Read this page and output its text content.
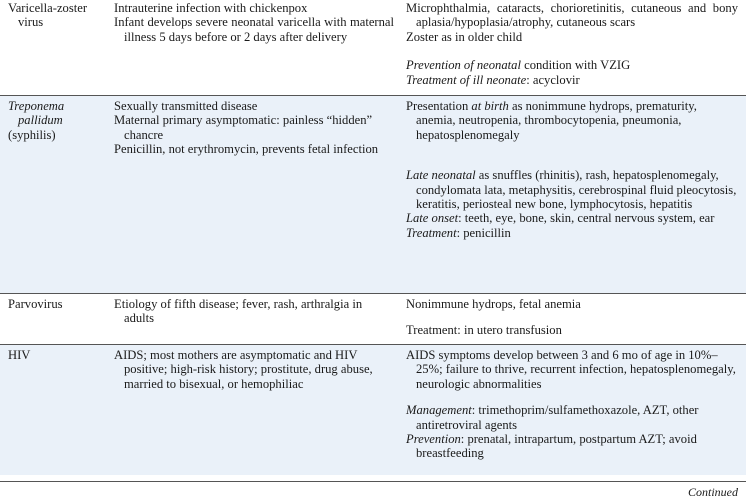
Varicella-zoster virus

Intrauterine infection with chickenpox

Infant develops severe neonatal varicella with maternal illness 5 days before or 2 days after delivery

Microphthalmia, cataracts, chorioretinitis, cutaneous and bony aplasia/hypoplasia/atrophy, cutaneous scars

Zoster as in older child

Prevention of neonatal condition with VZIG

Treatment of ill neonate: acyclovir

Treponema pallidum

(syphilis)

Sexually transmitted disease

Maternal primary asymptomatic: painless “hidden” chancre

Penicillin, not erythromycin, prevents fetal infection

Presentation at birth as nonimmune hydrops, prematurity, anemia, neutropenia, thrombocytopenia, pneumonia, hepatosplenomegaly

Late neonatal as snuffles (rhinitis), rash, hepatosplenomegaly, condylomata lata, metaphysitis, cerebrospinal fluid pleocytosis, keratitis, periosteal new bone, lymphocytosis, hepatitis

Late onset: teeth, eye, bone, skin, central nervous system, ear

Treatment: penicillin

Parvovirus	Etiology of fifth disease; fever, rash, arthralgia in adults

Nonimmune hydrops, fetal anemia

Treatment: in utero transfusion

HIV	AIDS; most mothers are asymptomatic and HIV positive; high-risk history; prostitute, drug abuse, married to bisexual, or hemophiliac

AIDS symptoms develop between 3 and 6 mo of age in 10%–25%; failure to thrive, recurrent infection, hepatosplenomegaly, neurologic abnormalities

Management: trimethoprim/sulfamethoxazole, AZT, other antiretroviral agents

Prevention: prenatal, intrapartum, postpartum AZT; avoid breastfeeding

Continued
